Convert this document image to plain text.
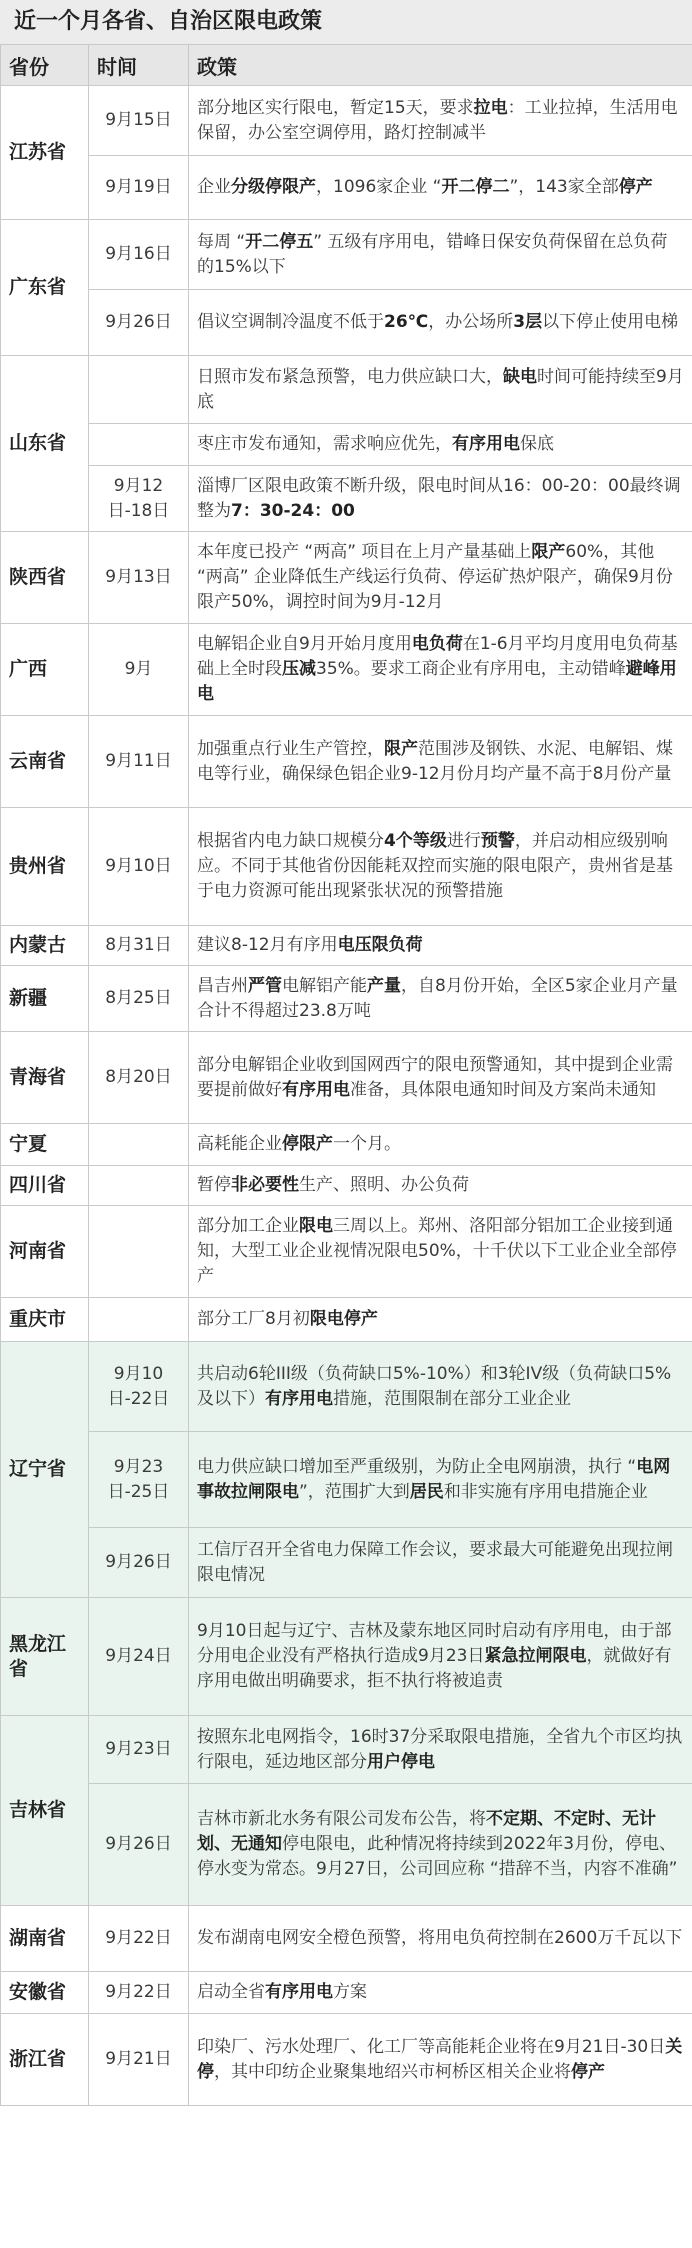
近一个月各省、自治区限电政策
省份	时间	政策
江苏省	9月15日	部分地区实行限电，暂定15天，要求拉电：工业拉掉，生活用电保留，办公室空调停用，路灯控制减半
	9月19日	企业分级停限产，1096家企业 “开二停二”，143家全部停产
广东省	9月16日	每周 “开二停五” 五级有序用电，错峰日保安负荷保留在总负荷的15%以下
	9月26日	倡议空调制冷温度不低于26℃，办公场所3层以下停止使用电梯
山东省		日照市发布紧急预警，电力供应缺口大，缺电时间可能持续至9月底
		枣庄市发布通知，需求响应优先，有序用电保底
	9月12日-18日	淄博厂区限电政策不断升级，限电时间从16：00-20：00最终调整为7：30-24：00
陕西省	9月13日	本年度已投产 “两高” 项目在上月产量基础上限产60%，其他 “两高” 企业降低生产线运行负荷、停运矿热炉限产，确保9月份限产50%，调控时间为9月-12月
广西	9月	电解铝企业自9月开始月度用电负荷在1-6月平均月度用电负荷基础上全时段压减35%。要求工商企业有序用电，主动错峰避峰用电
云南省	9月11日	加强重点行业生产管控，限产范围涉及钢铁、水泥、电解铝、煤电等行业，确保绿色铝企业9-12月份月均产量不高于8月份产量
贵州省	9月10日	根据省内电力缺口规模分4个等级进行预警，并启动相应级别响应。不同于其他省份因能耗双控而实施的限电限产，贵州省是基于电力资源可能出现紧张状况的预警措施
内蒙古	8月31日	建议8-12月有序用电压限负荷
新疆	8月25日	昌吉州严管电解铝产能产量，自8月份开始，全区5家企业月产量合计不得超过23.8万吨
青海省	8月20日	部分电解铝企业收到国网西宁的限电预警通知，其中提到企业需要提前做好有序用电准备，具体限电通知时间及方案尚未通知
宁夏		高耗能企业停限产一个月。
四川省		暂停非必要性生产、照明、办公负荷
河南省		部分加工企业限电三周以上。郑州、洛阳部分铝加工企业接到通知，大型工业企业视情况限电50%，十千伏以下工业企业全部停产
重庆市		部分工厂8月初限电停产
辽宁省	9月10日-22日	共启动6轮III级（负荷缺口5%-10%）和3轮IV级（负荷缺口5%及以下）有序用电措施，范围限制在部分工业企业
	9月23日-25日	电力供应缺口增加至严重级别，为防止全电网崩溃，执行 “电网事故拉闸限电”，范围扩大到居民和非实施有序用电措施企业
	9月26日	工信厅召开全省电力保障工作会议，要求最大可能避免出现拉闸限电情况
黑龙江省	9月24日	9月10日起与辽宁、吉林及蒙东地区同时启动有序用电，由于部分用电企业没有严格执行造成9月23日紧急拉闸限电，就做好有序用电做出明确要求，拒不执行将被追责
吉林省	9月23日	按照东北电网指令，16时37分采取限电措施，全省九个市区均执行限电，延边地区部分用户停电
	9月26日	吉林市新北水务有限公司发布公告，将不定期、不定时、无计划、无通知停电限电，此种情况将持续到2022年3月份，停电、停水变为常态。9月27日，公司回应称 “措辞不当，内容不准确”
湖南省	9月22日	发布湖南电网安全橙色预警，将用电负荷控制在2600万千瓦以下
安徽省	9月22日	启动全省有序用电方案
浙江省	9月21日	印染厂、污水处理厂、化工厂等高能耗企业将在9月21日-30日关停，其中印纺企业聚集地绍兴市柯桥区相关企业将停产
